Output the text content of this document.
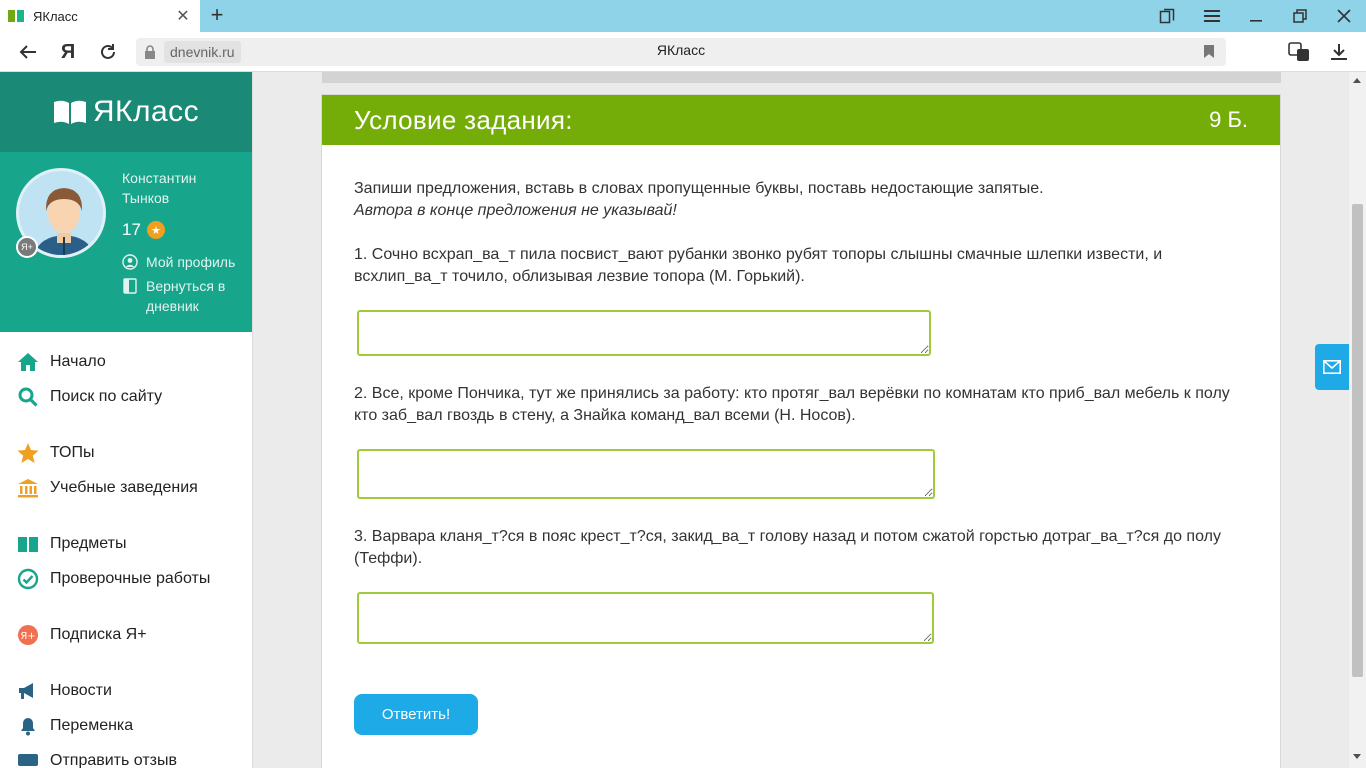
ЯКласс	✕ +
Я	dnevnik.ru	ЯКласс
ЯКласс
Я+
Константин Тынков
17 ★
Мой профиль
Вернуться в дневник
Начало
Поиск по сайту
ТОПы
Учебные заведения
Предметы
Проверочные работы
Я+ Подписка Я+
Новости
Переменка
Отправить отзыв
Условие задания:	9 Б.
Запиши предложения, вставь в словах пропущенные буквы, поставь недостающие запятые.
Автора в конце предложения не указывай!
1. Сочно всхрап_ва_т пила посвист_вают рубанки звонко рубят топоры слышны смачные шлепки извести, и всхлип_ва_т точило, облизывая лезвие топора (М. Горький).
2. Все, кроме Пончика, тут же принялись за работу: кто протяг_вал верёвки по комнатам кто приб_вал мебель к полу кто заб_вал гвоздь в стену, а Знайка команд_вал всеми (Н. Носов).
3. Варвара кланя_т?ся в пояс крест_т?ся, закид_ва_т голову назад и потом сжатой горстью дотраг_ва_т?ся до полу (Теффи).
Ответить!
